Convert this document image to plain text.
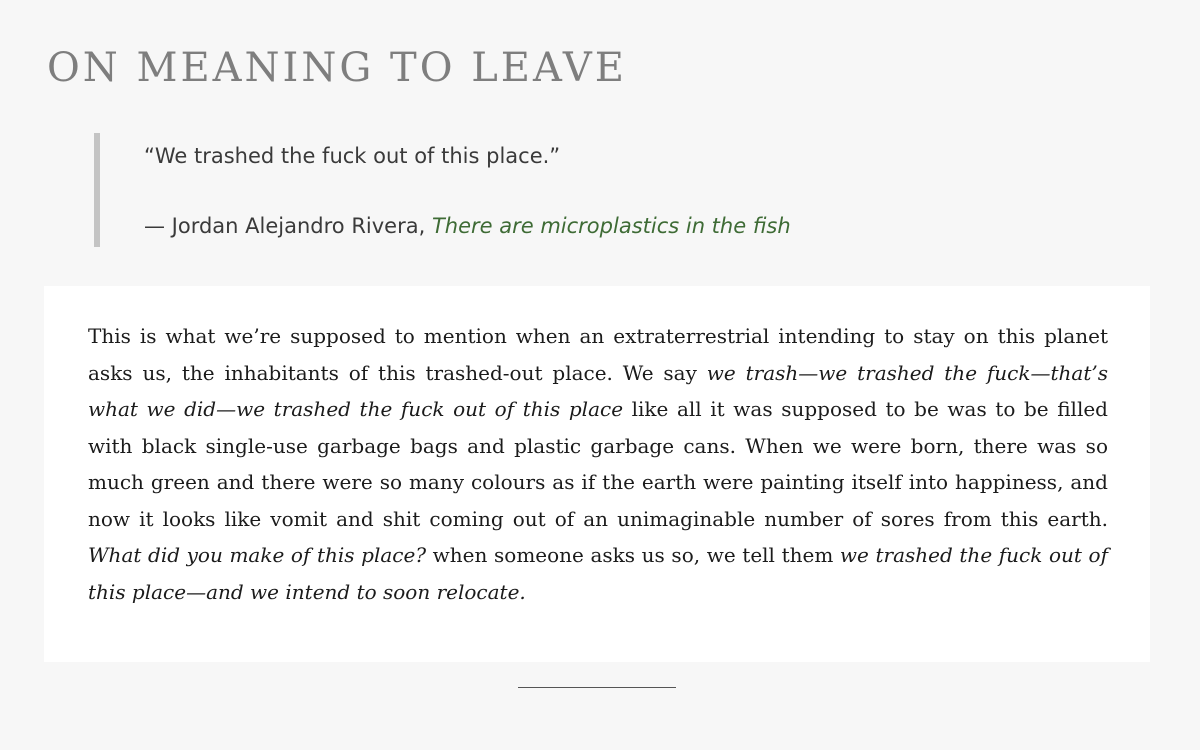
ON MEANING TO LEAVE

“We trashed the fuck out of this place.”

— Jordan Alejandro Rivera, There are microplastics in the fish

This is what we’re supposed to mention when an extraterrestrial intending to stay on this planet asks us, the inhabitants of this trashed-out place. We say we trash—we trashed the fuck—that’s what we did—we trashed the fuck out of this place like all it was supposed to be was to be filled with black single-use garbage bags and plastic garbage cans. When we were born, there was so much green and there were so many colours as if the earth were painting itself into happiness, and now it looks like vomit and shit coming out of an unimaginable number of sores from this earth. What did you make of this place? when someone asks us so, we tell them we trashed the fuck out of this place—and we intend to soon relocate.
